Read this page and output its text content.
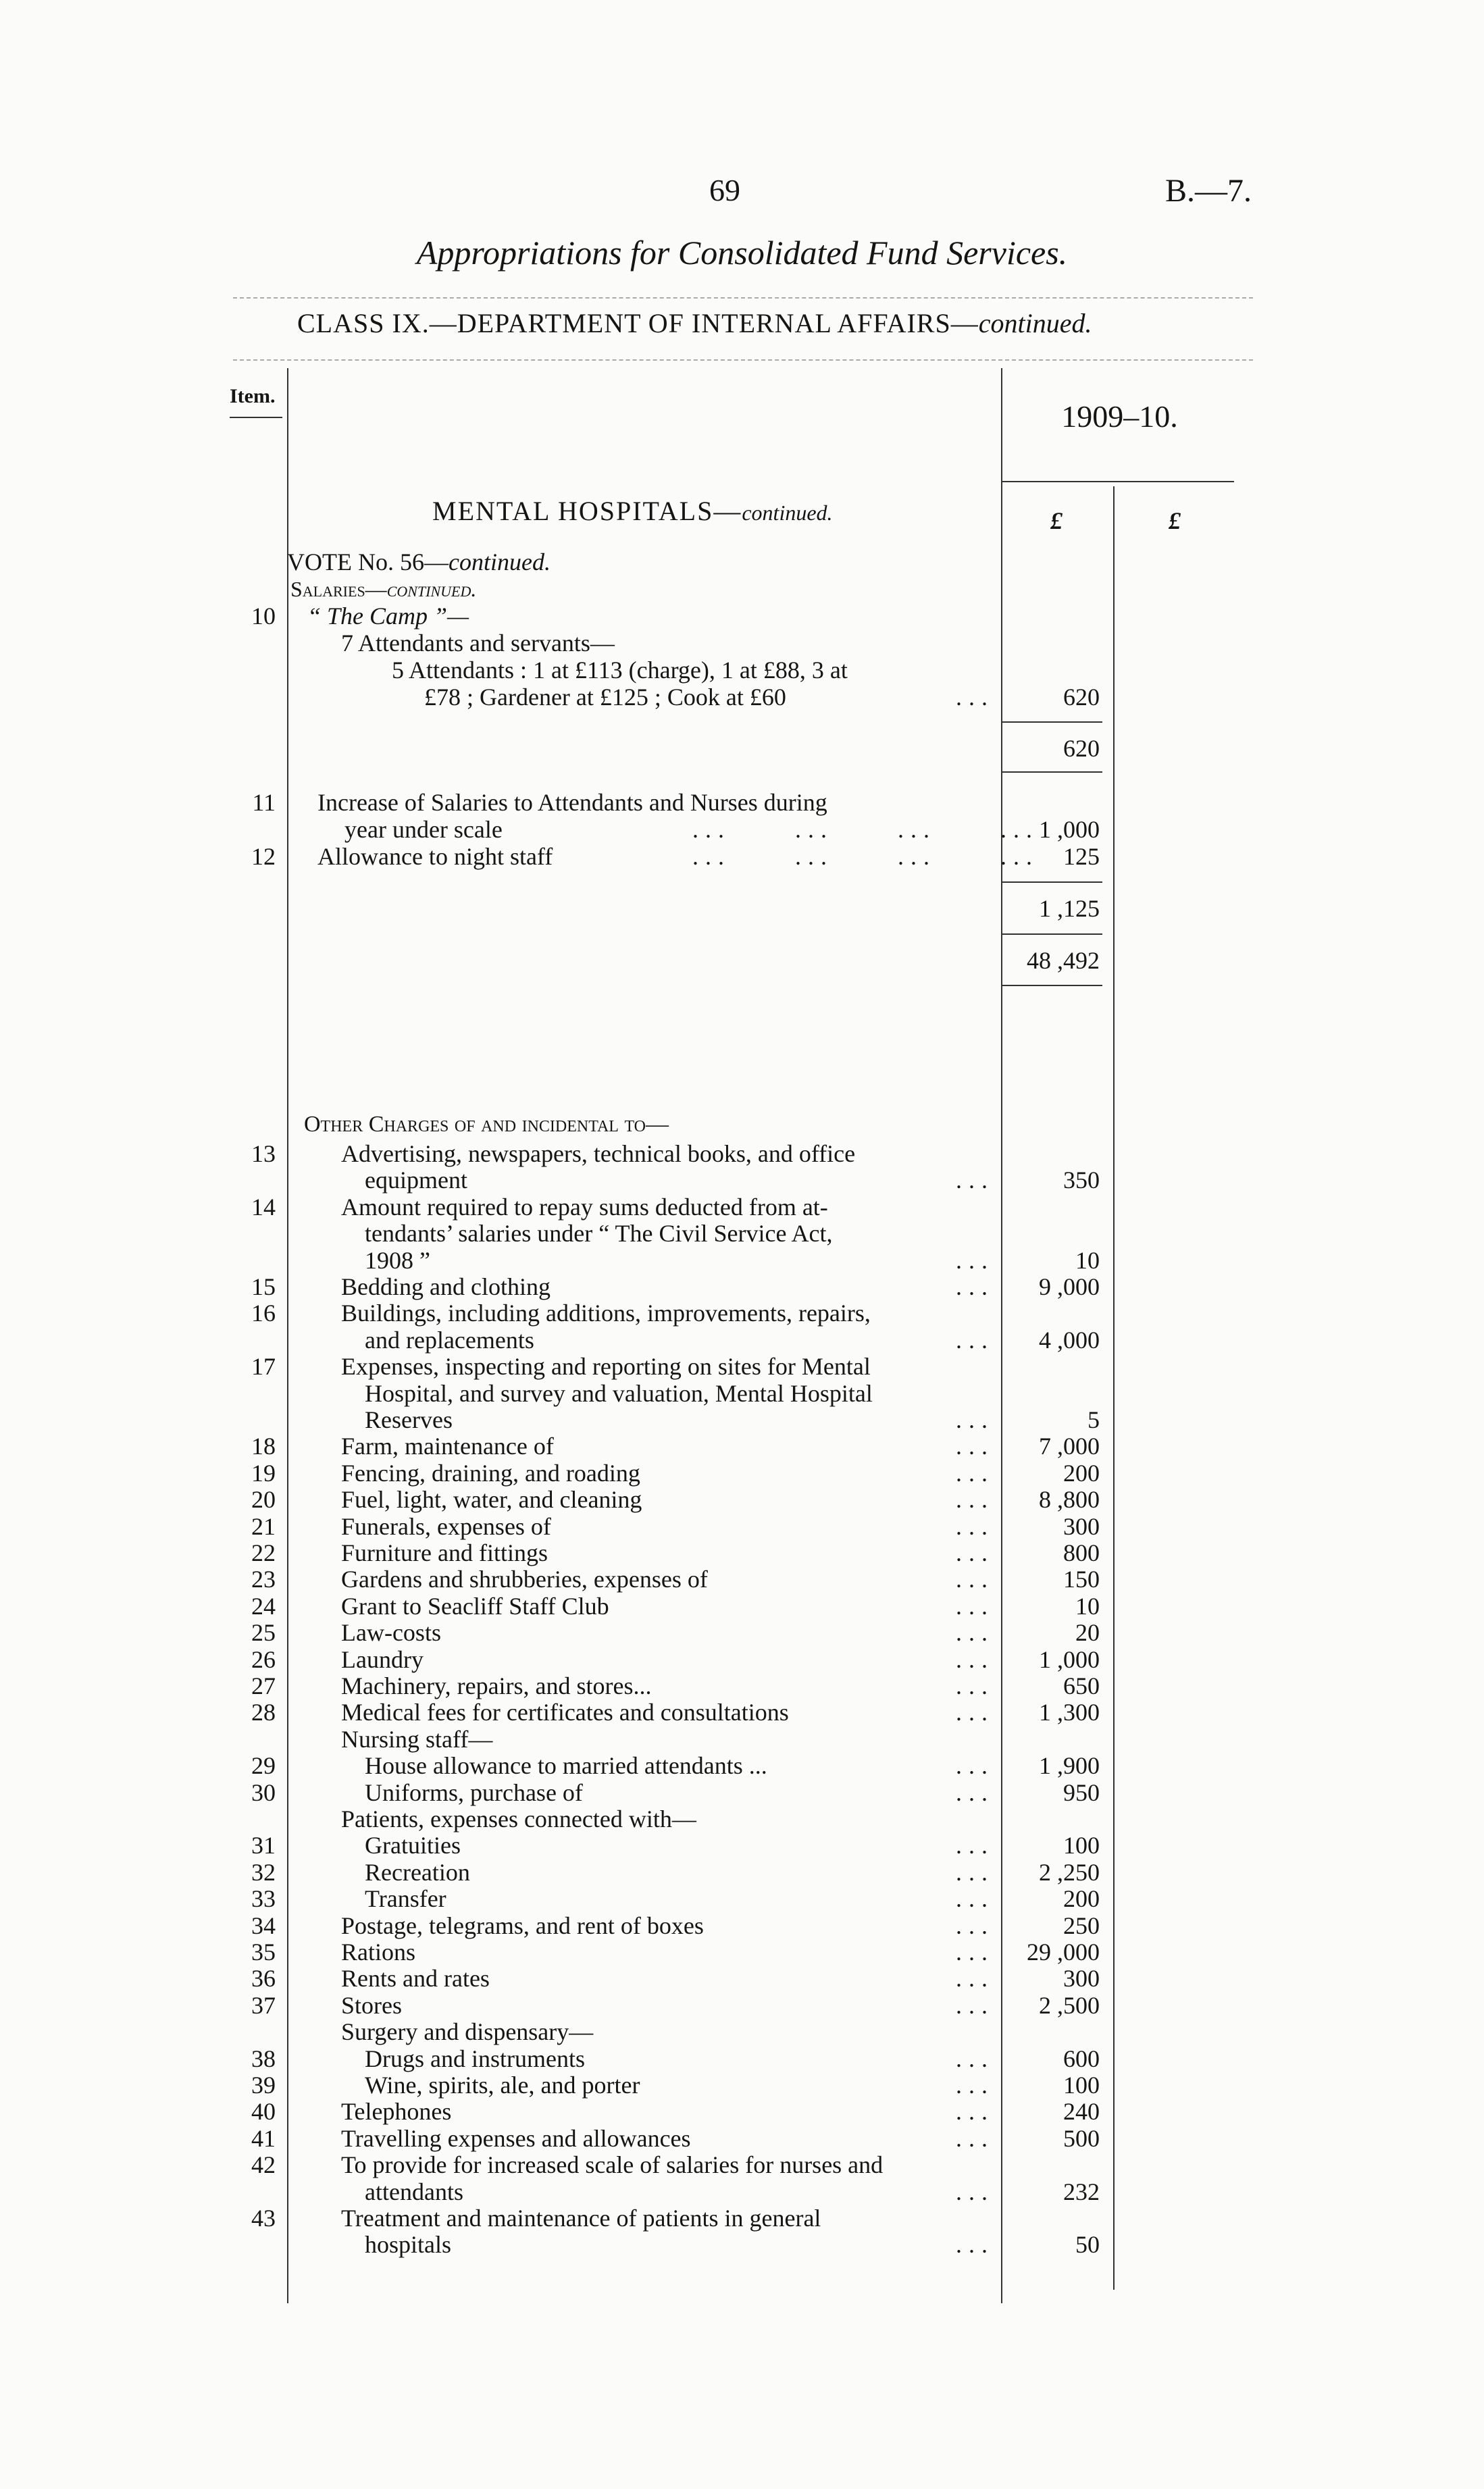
69	B.—7.
Appropriations for Consolidated Fund Services.
CLASS IX.—DEPARTMENT OF INTERNAL AFFAIRS—continued.
Item.
1909–10.
£	£
MENTAL HOSPITALS—continued.
VOTE No. 56—continued.
Salaries—continued.
10 “ The Camp ”—
7 Attendants and servants—
5 Attendants : 1 at £113 (charge), 1 at £88, 3 at
£78 ; Gardener at £125 ; Cook at £60	...	620
620
11 Increase of Salaries to Attendants and Nurses during
year under scale	...     ...     ...     ... 1 ,000
12 Allowance to night staff	...     ...     ...     ...	125
1 ,125
48 ,492
Other Charges of and incidental to—
13	Advertising, newspapers, technical books, and office
equipment	...	350
14	Amount required to repay sums deducted from at-
tendants’ salaries under “ The Civil Service Act,
1908 ”	...	10
15	Bedding and clothing	...	9 ,000
16	Buildings, including additions, improvements, repairs,
and replacements	...	4 ,000
17	Expenses, inspecting and reporting on sites for Mental
Hospital, and survey and valuation, Mental Hospital
Reserves	...	5
18	Farm, maintenance of	...	7 ,000
19	Fencing, draining, and roading	...	200
20	Fuel, light, water, and cleaning	...	8 ,800
21	Funerals, expenses of	...	300
22	Furniture and fittings	...	800
23	Gardens and shrubberies, expenses of	...	150
24	Grant to Seacliff Staff Club	...	10
25	Law-costs	...	20
26	Laundry	...	1 ,000
27	Machinery, repairs, and stores...	...	650
28	Medical fees for certificates and consultations	...	1 ,300
Nursing staff—
29	House allowance to married attendants ...	...	1 ,900
30	Uniforms, purchase of	...	950
Patients, expenses connected with—
31	Gratuities	...	100
32	Recreation	...	2 ,250
33	Transfer	...	200
34	Postage, telegrams, and rent of boxes	...	250
35	Rations	...	29 ,000
36	Rents and rates	...	300
37	Stores	...	2 ,500
Surgery and dispensary—
38	Drugs and instruments	...	600
39	Wine, spirits, ale, and porter	...	100
40	Telephones	...	240
41	Travelling expenses and allowances	...	500
42	To provide for increased scale of salaries for nurses and
attendants	...	232
43	Treatment and maintenance of patients in general
hospitals	...	50
